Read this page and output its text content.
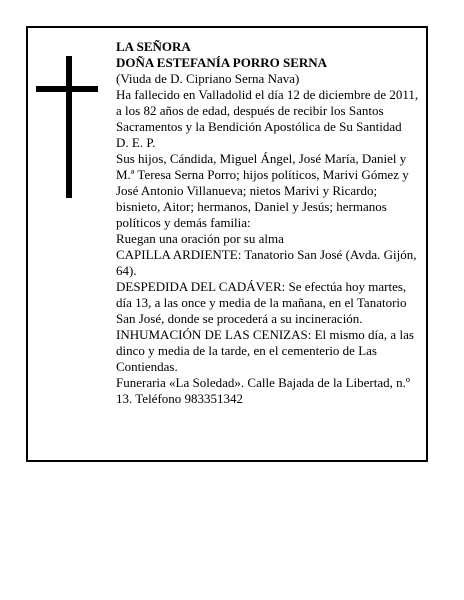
LA SEÑORA

DOÑA ESTEFANÍA PORRO SERNA

(Viuda de D. Cipriano Serna Nava)

Ha fallecido en Valladolid el día 12 de diciembre de 2011, a los 82 años de edad, después de recibir los Santos Sacramentos y la Bendición Apostólica de Su Santidad

D. E. P.

Sus hijos, Cándida, Miguel Ángel, José María, Daniel y M.ª Teresa Serna Porro; hijos políticos, Marivi Gómez y José Antonio Villanueva; nietos Marivi y Ricardo; bisnieto, Aitor; hermanos, Daniel y Jesús; hermanos políticos y demás familia:

Ruegan una oración por su alma

CAPILLA ARDIENTE: Tanatorio San José (Avda. Gijón, 64).

DESPEDIDA DEL CADÁVER: Se efectúa hoy martes, día 13, a las once y media de la mañana, en el Tanatorio San José, donde se procederá a su incineración.

INHUMACIÓN DE LAS CENIZAS: El mismo día, a las dinco y media de la tarde, en el cementerio de Las Contiendas.

Funeraria «La Soledad». Calle Bajada de la Libertad, n.º 13. Teléfono 983351342
